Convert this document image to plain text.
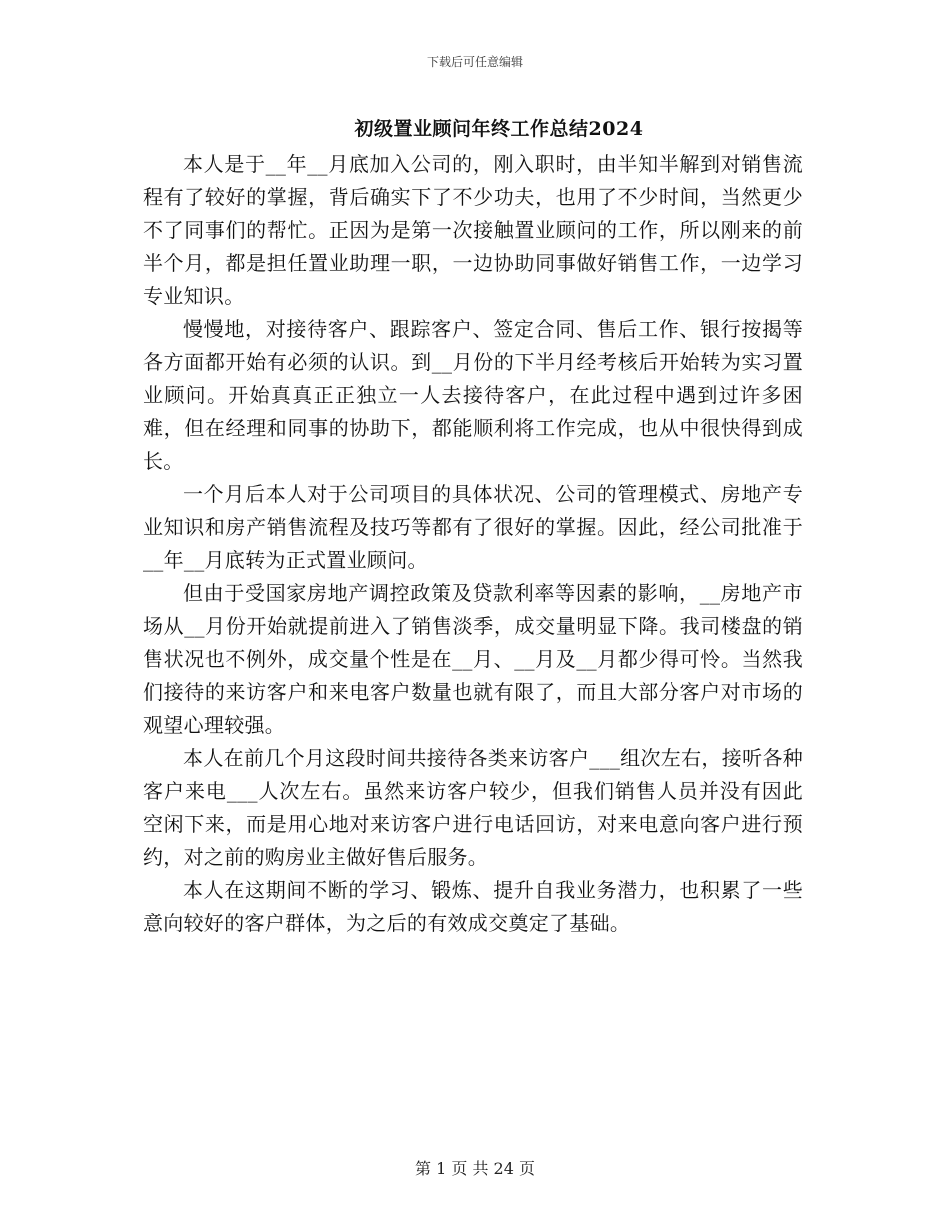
下载后可任意编辑
初级置业顾问年终工作总结2024

本人是于__年__月底加入公司的，刚入职时，由半知半解到对销售流程有了较好的掌握，背后确实下了不少功夫，也用了不少时间，当然更少不了同事们的帮忙。正因为是第一次接触置业顾问的工作，所以刚来的前半个月，都是担任置业助理一职，一边协助同事做好销售工作，一边学习专业知识。

慢慢地，对接待客户、跟踪客户、签定合同、售后工作、银行按揭等各方面都开始有必须的认识。到__月份的下半月经考核后开始转为实习置业顾问。开始真真正正独立一人去接待客户，在此过程中遇到过许多困难，但在经理和同事的协助下，都能顺利将工作完成，也从中很快得到成长。

一个月后本人对于公司项目的具体状况、公司的管理模式、房地产专业知识和房产销售流程及技巧等都有了很好的掌握。因此，经公司批准于__年__月底转为正式置业顾问。

但由于受国家房地产调控政策及贷款利率等因素的影响，__房地产市场从__月份开始就提前进入了销售淡季，成交量明显下降。我司楼盘的销售状况也不例外，成交量个性是在__月、__月及__月都少得可怜。当然我们接待的来访客户和来电客户数量也就有限了，而且大部分客户对市场的观望心理较强。

本人在前几个月这段时间共接待各类来访客户___组次左右，接听各种客户来电___人次左右。虽然来访客户较少，但我们销售人员并没有因此空闲下来，而是用心地对来访客户进行电话回访，对来电意向客户进行预约，对之前的购房业主做好售后服务。

本人在这期间不断的学习、锻炼、提升自我业务潜力，也积累了一些意向较好的客户群体，为之后的有效成交奠定了基础。

第 1 页 共 24 页
